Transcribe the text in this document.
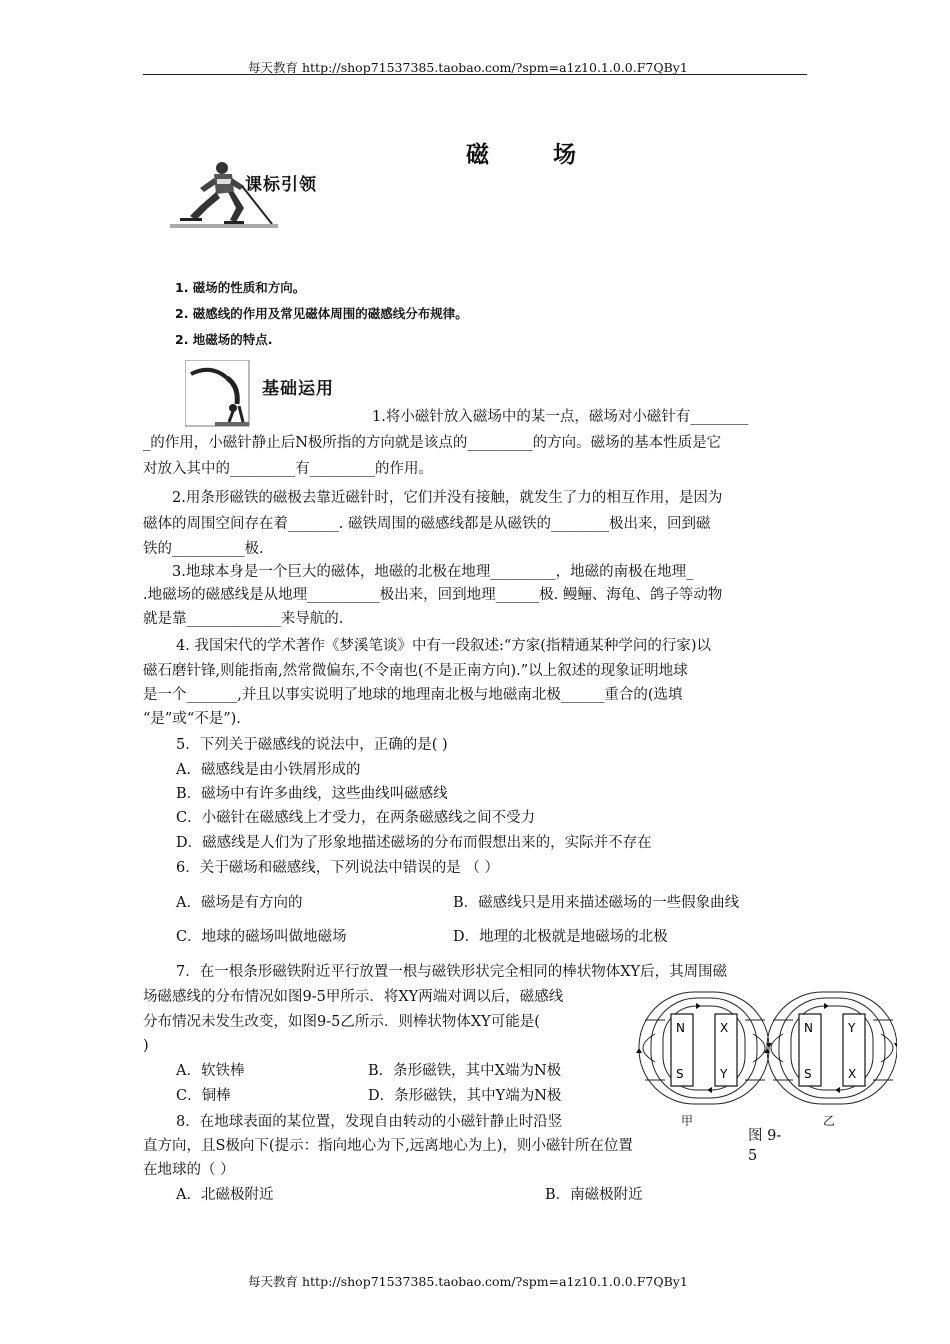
每天教育 http://shop71537385.taobao.com/?spm=a1z10.1.0.0.F7QBy1
磁 场
课标引领
1. 磁场的性质和方向。
2. 磁感线的作用及常见磁体周围的磁感线分布规律。
2. 地磁场的特点.
基础运用
1.将小磁针放入磁场中的某一点，磁场对小磁针有________
_的作用，小磁针静止后N极所指的方向就是该点的_________的方向。磁场的基本性质是它
对放入其中的_________有_________的作用。
2.用条形磁铁的磁极去靠近磁针时，它们并没有接触，就发生了力的相互作用，是因为
磁体的周围空间存在着_______. 磁铁周围的磁感线都是从磁铁的________极出来，回到磁
铁的__________极.
3.地球本身是一个巨大的磁体，地磁的北极在地理_________，地磁的南极在地理_
.地磁场的磁感线是从地理__________极出来，回到地理______极. 鳗鲡、海龟、鸽子等动物
就是靠_____________来导航的.
4. 我国宋代的学术著作《梦溪笔谈》中有一段叙述:“方家(指精通某种学问的行家)以
磁石磨针锋,则能指南,然常微偏东,不令南也(不是正南方向).”以上叙述的现象证明地球
是一个_______,并且以事实说明了地球的地理南北极与地磁南北极______重合的(选填
“是”或“不是”).
5．下列关于磁感线的说法中，正确的是( )
A．磁感线是由小铁屑形成的
B．磁场中有许多曲线，这些曲线叫磁感线
C．小磁针在磁感线上才受力，在两条磁感线之间不受力
D．磁感线是人们为了形象地描述磁场的分布而假想出来的，实际并不存在
6．关于磁场和磁感线，下列说法中错误的是 （ ）
A．磁场是有方向的	B．磁感线只是用来描述磁场的一些假象曲线
C．地球的磁场叫做地磁场	D．地理的北极就是地磁场的北极
7．在一根条形磁铁附近平行放置一根与磁铁形状完全相同的棒状物体XY后，其周围磁
场磁感线的分布情况如图9-5甲所示．将XY两端对调以后，磁感线
分布情况未发生改变，如图9-5乙所示．则棒状物体XY可能是(
)
A．软铁棒	B．条形磁铁，其中X端为N极
C．铜棒	D．条形磁铁，其中Y端为N极
8．在地球表面的某位置，发现自由转动的小磁针静止时沿竖
直方向，且S极向下(提示：指向地心为下,远离地心为上)，则小磁针所在位置
在地球的（ ）
A．北磁极附近	B．南磁极附近
N	X
S	Y
N	Y
S	X
甲	乙
图 9-
5
每天教育 http://shop71537385.taobao.com/?spm=a1z10.1.0.0.F7QBy1
